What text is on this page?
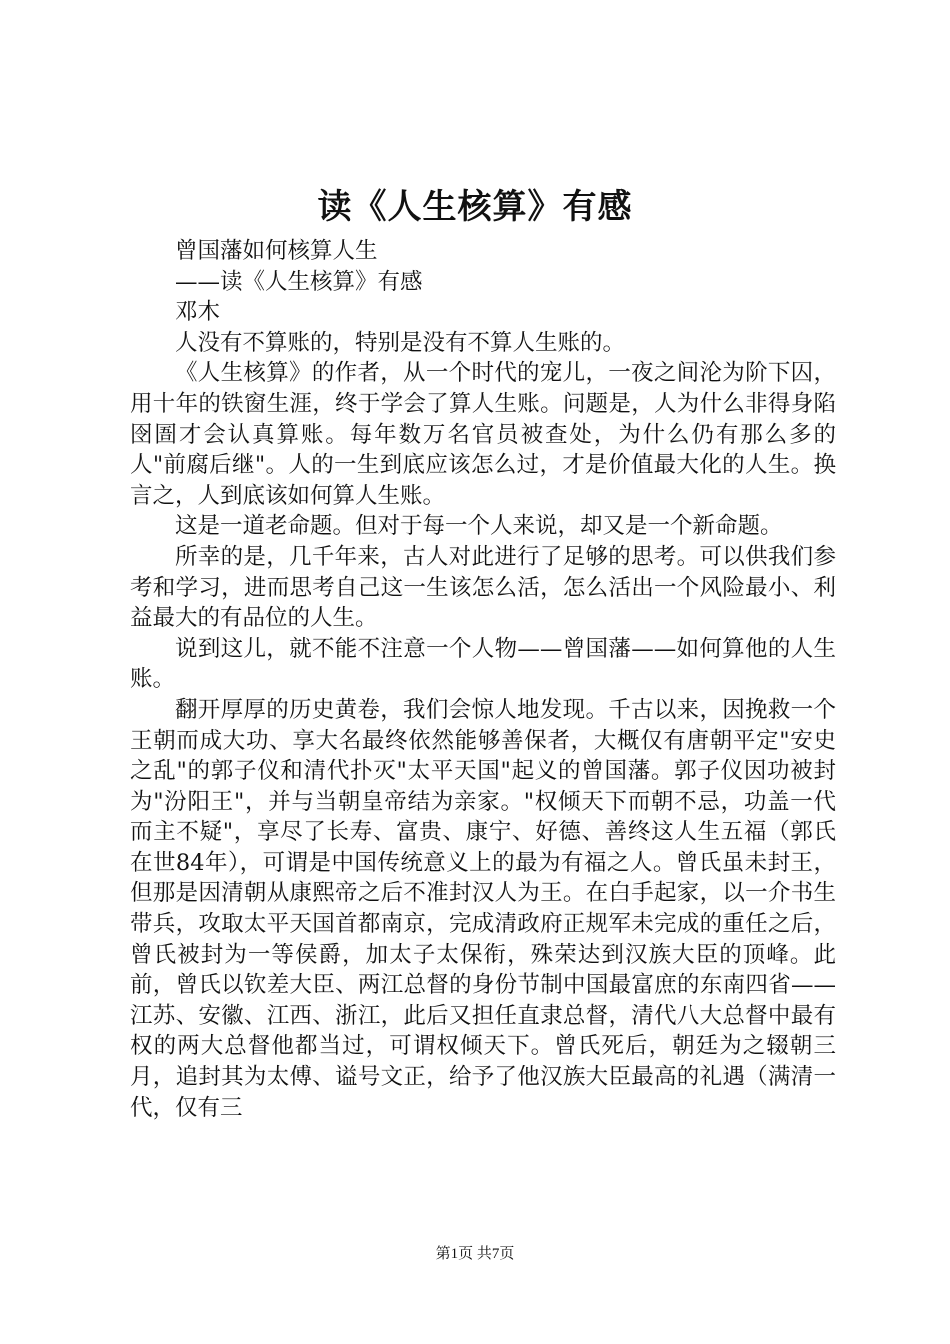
读《人生核算》有感

曾国藩如何核算人生

——读《人生核算》有感

邓木

人没有不算账的，特别是没有不算人生账的。

《人生核算》的作者，从一个时代的宠儿，一夜之间沦为阶下囚，用十年的铁窗生涯，终于学会了算人生账。问题是，人为什么非得身陷囹圄才会认真算账。每年数万名官员被查处，为什么仍有那么多的人"前腐后继"。人的一生到底应该怎么过，才是价值最大化的人生。换言之，人到底该如何算人生账。

这是一道老命题。但对于每一个人来说，却又是一个新命题。

所幸的是，几千年来，古人对此进行了足够的思考。可以供我们参考和学习，进而思考自己这一生该怎么活，怎么活出一个风险最小、利益最大的有品位的人生。

说到这儿，就不能不注意一个人物——曾国藩——如何算他的人生账。

翻开厚厚的历史黄卷，我们会惊人地发现。千古以来，因挽救一个王朝而成大功、享大名最终依然能够善保者，大概仅有唐朝平定"安史之乱"的郭子仪和清代扑灭"太平天国"起义的曾国藩。郭子仪因功被封为"汾阳王"，并与当朝皇帝结为亲家。"权倾天下而朝不忌，功盖一代而主不疑"，享尽了长寿、富贵、康宁、好德、善终这人生五福（郭氏在世84年），可谓是中国传统意义上的最为有福之人。曾氏虽未封王，但那是因清朝从康熙帝之后不准封汉人为王。在白手起家，以一介书生带兵，攻取太平天国首都南京，完成清政府正规军未完成的重任之后，曾氏被封为一等侯爵，加太子太保衔，殊荣达到汉族大臣的顶峰。此前，曾氏以钦差大臣、两江总督的身份节制中国最富庶的东南四省——江苏、安徽、江西、浙江，此后又担任直隶总督，清代八大总督中最有权的两大总督他都当过，可谓权倾天下。曾氏死后，朝廷为之辍朝三月，追封其为太傅、谥号文正，给予了他汉族大臣最高的礼遇（满清一代，仅有三

第1页 共7页
